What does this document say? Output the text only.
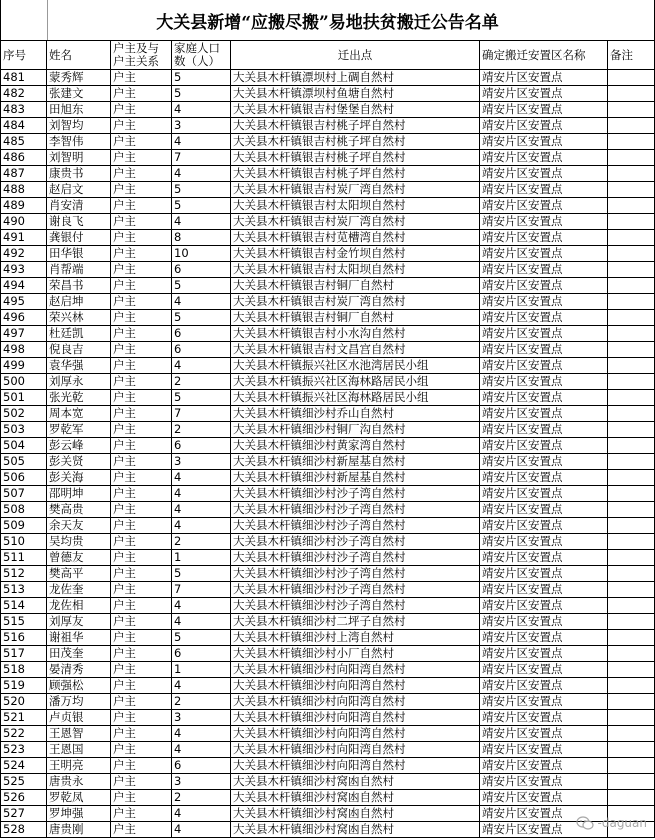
大关县新增“应搬尽搬”易地扶贫搬迁公告名单
序号	姓名	户主及与户主关系	家庭人口数（人）	迁出点	确定搬迁安置区名称	备注
481	蒙秀辉	户主	5	大关县木杆镇漂坝村上碉自然村	靖安片区安置点	
482	张建文	户主	5	大关县木杆镇漂坝村鱼塘自然村	靖安片区安置点	
483	田旭东	户主	4	大关县木杆镇银吉村堡堡自然村	靖安片区安置点	
484	刘智均	户主	3	大关县木杆镇银吉村桃子坪自然村	靖安片区安置点	
485	李智伟	户主	4	大关县木杆镇银吉村桃子坪自然村	靖安片区安置点	
486	刘智明	户主	7	大关县木杆镇银吉村桃子坪自然村	靖安片区安置点	
487	康贵书	户主	4	大关县木杆镇银吉村桃子坪自然村	靖安片区安置点	
488	赵启文	户主	5	大关县木杆镇银吉村炭厂湾自然村	靖安片区安置点	
489	肖安清	户主	5	大关县木杆镇银吉村太阳坝自然村	靖安片区安置点	
490	谢良飞	户主	4	大关县木杆镇银吉村炭厂湾自然村	靖安片区安置点	
491	龚银付	户主	8	大关县木杆镇银吉村苋槽湾自然村	靖安片区安置点	
492	田华银	户主	10	大关县木杆镇银吉村金竹坝自然村	靖安片区安置点	
493	肖帮端	户主	6	大关县木杆镇银吉村太阳坝自然村	靖安片区安置点	
494	荣昌书	户主	5	大关县木杆镇银吉村铜厂自然村	靖安片区安置点	
495	赵启坤	户主	4	大关县木杆镇银吉村炭厂湾自然村	靖安片区安置点	
496	荣兴林	户主	5	大关县木杆镇银吉村铜厂自然村	靖安片区安置点	
497	杜廷凯	户主	6	大关县木杆镇银吉村小水沟自然村	靖安片区安置点	
498	倪良吉	户主	6	大关县木杆镇银吉村文昌宫自然村	靖安片区安置点	
499	袁华强	户主	4	大关县木杆镇振兴社区水池湾居民小组	靖安片区安置点	
500	刘厚永	户主	2	大关县木杆镇振兴社区海林路居民小组	靖安片区安置点	
501	张光乾	户主	5	大关县木杆镇振兴社区海林路居民小组	靖安片区安置点	
502	周本宽	户主	7	大关县木杆镇细沙村乔山自然村	靖安片区安置点	
503	罗乾军	户主	2	大关县木杆镇细沙村铜厂沟自然村	靖安片区安置点	
504	彭云峰	户主	6	大关县木杆镇细沙村黄家湾自然村	靖安片区安置点	
505	彭关贤	户主	3	大关县木杆镇细沙村新屋基自然村	靖安片区安置点	
506	彭关海	户主	4	大关县木杆镇细沙村新屋基自然村	靖安片区安置点	
507	邵明坤	户主	4	大关县木杆镇细沙村沙子湾自然村	靖安片区安置点	
508	樊高贵	户主	4	大关县木杆镇细沙村沙子湾自然村	靖安片区安置点	
509	余天友	户主	4	大关县木杆镇细沙村沙子湾自然村	靖安片区安置点	
510	吴均贵	户主	2	大关县木杆镇细沙村沙子湾自然村	靖安片区安置点	
511	曾德友	户主	1	大关县木杆镇细沙村沙子湾自然村	靖安片区安置点	
512	樊高平	户主	5	大关县木杆镇细沙村沙子湾自然村	靖安片区安置点	
513	龙佐奎	户主	7	大关县木杆镇细沙村沙子湾自然村	靖安片区安置点	
514	龙佐相	户主	4	大关县木杆镇细沙村沙子湾自然村	靖安片区安置点	
515	刘厚友	户主	4	大关县木杆镇细沙村二坪子自然村	靖安片区安置点	
516	谢祖华	户主	5	大关县木杆镇细沙村上湾自然村	靖安片区安置点	
517	田茂奎	户主	6	大关县木杆镇细沙村小厂自然村	靖安片区安置点	
518	晏清秀	户主	1	大关县木杆镇细沙村向阳湾自然村	靖安片区安置点	
519	顾强松	户主	4	大关县木杆镇细沙村向阳湾自然村	靖安片区安置点	
520	潘万均	户主	2	大关县木杆镇细沙村向阳湾自然村	靖安片区安置点	
521	卢贞银	户主	3	大关县木杆镇细沙村向阳湾自然村	靖安片区安置点	
522	王恩智	户主	4	大关县木杆镇细沙村向阳湾自然村	靖安片区安置点	
523	王恩国	户主	4	大关县木杆镇细沙村向阳湾自然村	靖安片区安置点	
524	王明亮	户主	6	大关县木杆镇细沙村向阳湾自然村	靖安片区安置点	
525	唐贵永	户主	3	大关县木杆镇细沙村窝凼自然村	靖安片区安置点	
526	罗乾凤	户主	2	大关县木杆镇细沙村窝凼自然村	靖安片区安置点	
527	罗坤强	户主	4	大关县木杆镇细沙村窝凼自然村	靖安片区安置点	
528	唐贵刚	户主	4	大关县木杆镇细沙村窝凼自然村	靖安片区安置点		-daguan
